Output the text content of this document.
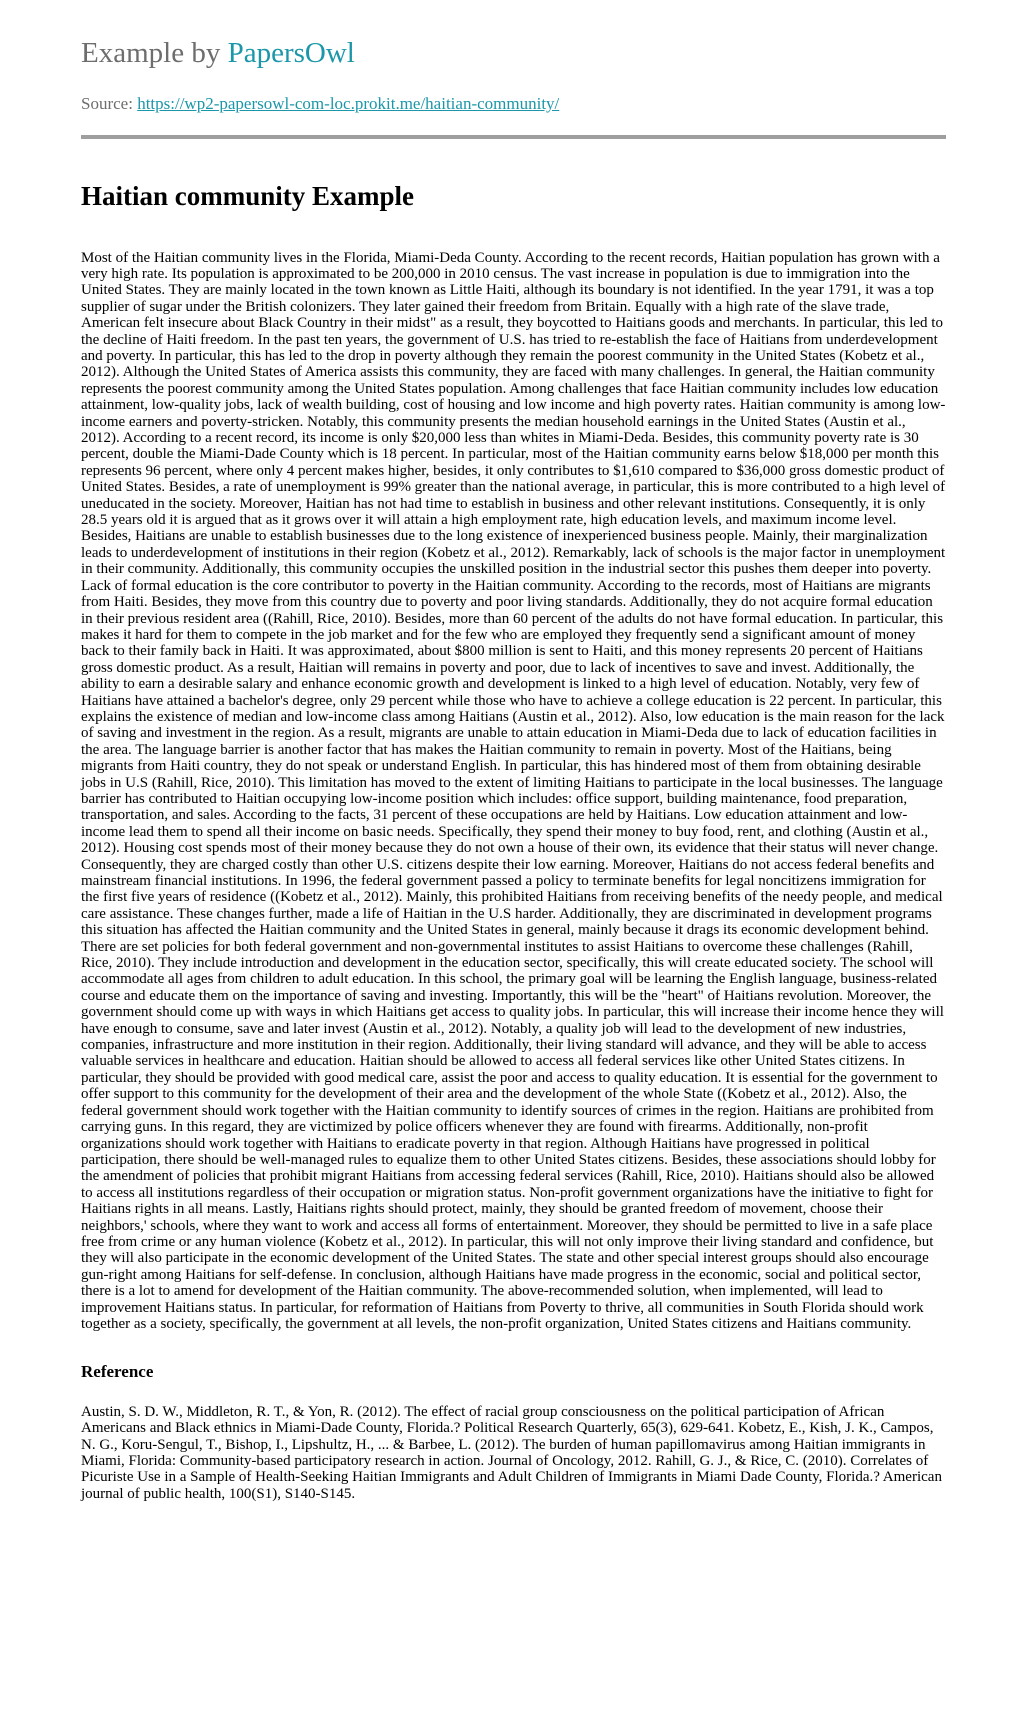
Example by PapersOwl

Source: https://wp2-papersowl-com-loc.prokit.me/haitian-community/

Haitian community Example

Most of the Haitian community lives in the Florida, Miami-Deda County. According to the recent records, Haitian population has grown with a very high rate. Its population is approximated to be 200,000 in 2010 census. The vast increase in population is due to immigration into the United States. They are mainly located in the town known as Little Haiti, although its boundary is not identified. In the year 1791, it was a top supplier of sugar under the British colonizers. They later gained their freedom from Britain. Equally with a high rate of the slave trade, American felt insecure about Black Country in their midst" as a result, they boycotted to Haitians goods and merchants. In particular, this led to the decline of Haiti freedom. In the past ten years, the government of U.S. has tried to re-establish the face of Haitians from underdevelopment and poverty. In particular, this has led to the drop in poverty although they remain the poorest community in the United States (Kobetz et al., 2012). Although the United States of America assists this community, they are faced with many challenges. In general, the Haitian community represents the poorest community among the United States population. Among challenges that face Haitian community includes low education attainment, low-quality jobs, lack of wealth building, cost of housing and low income and high poverty rates. Haitian community is among low-income earners and poverty-stricken. Notably, this community presents the median household earnings in the United States (Austin et al., 2012). According to a recent record, its income is only $20,000 less than whites in Miami-Deda. Besides, this community poverty rate is 30 percent, double the Miami-Dade County which is 18 percent. In particular, most of the Haitian community earns below $18,000 per month this represents 96 percent, where only 4 percent makes higher, besides, it only contributes to $1,610 compared to $36,000 gross domestic product of United States. Besides, a rate of unemployment is 99% greater than the national average, in particular, this is more contributed to a high level of uneducated in the society. Moreover, Haitian has not had time to establish in business and other relevant institutions. Consequently, it is only 28.5 years old it is argued that as it grows over it will attain a high employment rate, high education levels, and maximum income level. Besides, Haitians are unable to establish businesses due to the long existence of inexperienced business people. Mainly, their marginalization leads to underdevelopment of institutions in their region (Kobetz et al., 2012). Remarkably, lack of schools is the major factor in unemployment in their community. Additionally, this community occupies the unskilled position in the industrial sector this pushes them deeper into poverty. Lack of formal education is the core contributor to poverty in the Haitian community. According to the records, most of Haitians are migrants from Haiti. Besides, they move from this country due to poverty and poor living standards. Additionally, they do not acquire formal education in their previous resident area ((Rahill, Rice, 2010). Besides, more than 60 percent of the adults do not have formal education. In particular, this makes it hard for them to compete in the job market and for the few who are employed they frequently send a significant amount of money back to their family back in Haiti. It was approximated, about $800 million is sent to Haiti, and this money represents 20 percent of Haitians gross domestic product. As a result, Haitian will remains in poverty and poor, due to lack of incentives to save and invest. Additionally, the ability to earn a desirable salary and enhance economic growth and development is linked to a high level of education. Notably, very few of Haitians have attained a bachelor's degree, only 29 percent while those who have to achieve a college education is 22 percent. In particular, this explains the existence of median and low-income class among Haitians (Austin et al., 2012). Also, low education is the main reason for the lack of saving and investment in the region. As a result, migrants are unable to attain education in Miami-Deda due to lack of education facilities in the area. The language barrier is another factor that has makes the Haitian community to remain in poverty. Most of the Haitians, being migrants from Haiti country, they do not speak or understand English. In particular, this has hindered most of them from obtaining desirable jobs in U.S (Rahill, Rice, 2010). This limitation has moved to the extent of limiting Haitians to participate in the local businesses. The language barrier has contributed to Haitian occupying low-income position which includes: office support, building maintenance, food preparation, transportation, and sales. According to the facts, 31 percent of these occupations are held by Haitians. Low education attainment and low-income lead them to spend all their income on basic needs. Specifically, they spend their money to buy food, rent, and clothing (Austin et al., 2012). Housing cost spends most of their money because they do not own a house of their own, its evidence that their status will never change. Consequently, they are charged costly than other U.S. citizens despite their low earning. Moreover, Haitians do not access federal benefits and mainstream financial institutions. In 1996, the federal government passed a policy to terminate benefits for legal noncitizens immigration for the first five years of residence ((Kobetz et al., 2012). Mainly, this prohibited Haitians from receiving benefits of the needy people, and medical care assistance. These changes further, made a life of Haitian in the U.S harder. Additionally, they are discriminated in development programs this situation has affected the Haitian community and the United States in general, mainly because it drags its economic development behind. There are set policies for both federal government and non-governmental institutes to assist Haitians to overcome these challenges (Rahill, Rice, 2010). They include introduction and development in the education sector, specifically, this will create educated society. The school will accommodate all ages from children to adult education. In this school, the primary goal will be learning the English language, business-related course and educate them on the importance of saving and investing. Importantly, this will be the "heart" of Haitians revolution. Moreover, the government should come up with ways in which Haitians get access to quality jobs. In particular, this will increase their income hence they will have enough to consume, save and later invest (Austin et al., 2012). Notably, a quality job will lead to the development of new industries, companies, infrastructure and more institution in their region. Additionally, their living standard will advance, and they will be able to access valuable services in healthcare and education. Haitian should be allowed to access all federal services like other United States citizens. In particular, they should be provided with good medical care, assist the poor and access to quality education. It is essential for the government to offer support to this community for the development of their area and the development of the whole State ((Kobetz et al., 2012). Also, the federal government should work together with the Haitian community to identify sources of crimes in the region. Haitians are prohibited from carrying guns. In this regard, they are victimized by police officers whenever they are found with firearms. Additionally, non-profit organizations should work together with Haitians to eradicate poverty in that region. Although Haitians have progressed in political participation, there should be well-managed rules to equalize them to other United States citizens. Besides, these associations should lobby for the amendment of policies that prohibit migrant Haitians from accessing federal services (Rahill, Rice, 2010). Haitians should also be allowed to access all institutions regardless of their occupation or migration status. Non-profit government organizations have the initiative to fight for Haitians rights in all means. Lastly, Haitians rights should protect, mainly, they should be granted freedom of movement, choose their neighbors,' schools, where they want to work and access all forms of entertainment. Moreover, they should be permitted to live in a safe place free from crime or any human violence (Kobetz et al., 2012). In particular, this will not only improve their living standard and confidence, but they will also participate in the economic development of the United States. The state and other special interest groups should also encourage gun-right among Haitians for self-defense. In conclusion, although Haitians have made progress in the economic, social and political sector, there is a lot to amend for development of the Haitian community. The above-recommended solution, when implemented, will lead to improvement Haitians status. In particular, for reformation of Haitians from Poverty to thrive, all communities in South Florida should work together as a society, specifically, the government at all levels, the non-profit organization, United States citizens and Haitians community.

Reference

Austin, S. D. W., Middleton, R. T., & Yon, R. (2012). The effect of racial group consciousness on the political participation of African Americans and Black ethnics in Miami-Dade County, Florida.? Political Research Quarterly, 65(3), 629-641. Kobetz, E., Kish, J. K., Campos, N. G., Koru-Sengul, T., Bishop, I., Lipshultz, H., ... & Barbee, L. (2012). The burden of human papillomavirus among Haitian immigrants in Miami, Florida: Community-based participatory research in action. Journal of Oncology, 2012. Rahill, G. J., & Rice, C. (2010). Correlates of Picuriste Use in a Sample of Health-Seeking Haitian Immigrants and Adult Children of Immigrants in Miami Dade County, Florida.? American journal of public health, 100(S1), S140-S145.
